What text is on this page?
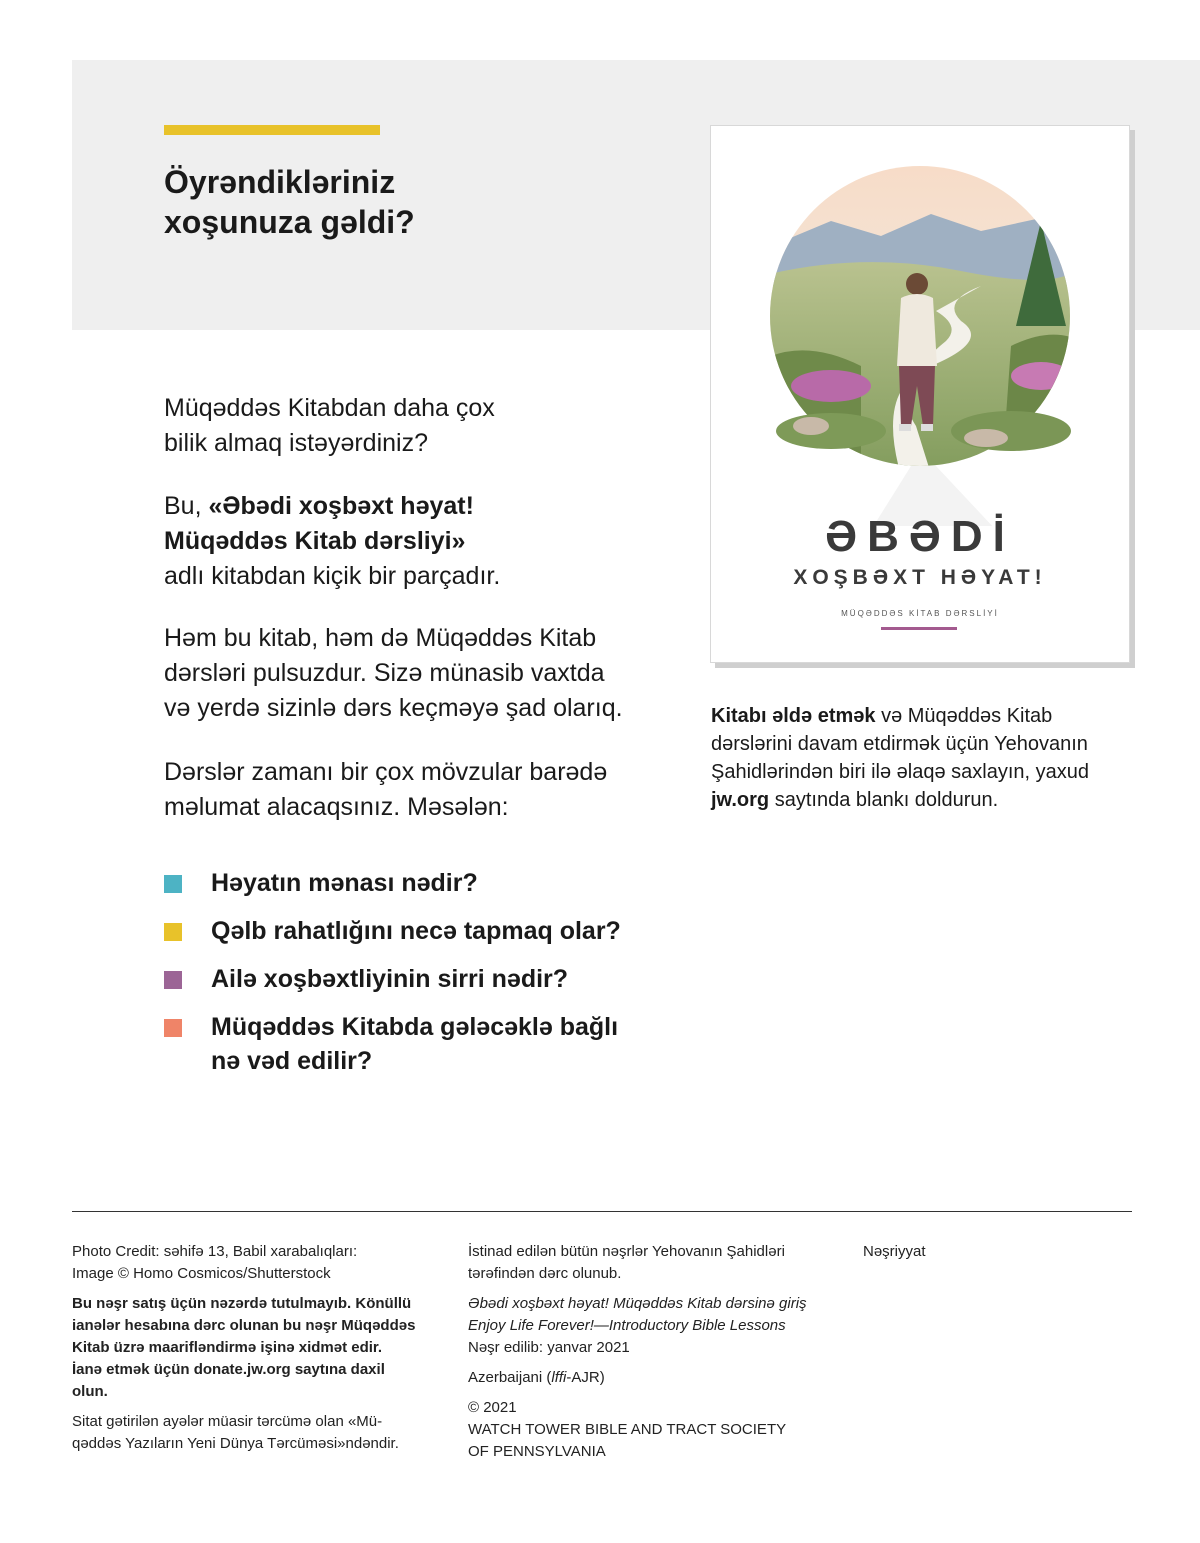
Öyrəndikləriniz
xoşunuza gəldi?
Müqəddəs Kitabdan daha çox
bilik almaq istəyərdiniz?
Bu, «Əbədi xoşbəxt həyat!
Müqəddəs Kitab dərsliyi»
adlı kitabdan kiçik bir parçadır.
Həm bu kitab, həm də Müqəddəs Kitab
dərsləri pulsuzdur. Sizə münasib vaxtda
və yerdə sizinlə dərs keçməyə şad olarıq.
Dərslər zamanı bir çox mövzular barədə
məlumat alacaqsınız. Məsələn:
Həyatın mənası nədir?
Qəlb rahatlığını necə tapmaq olar?
Ailə xoşbəxtliyinin sirri nədir?
Müqəddəs Kitabda gələcəklə bağlı
nə vəd edilir?
ƏBƏDİ
XOŞBƏXT HƏYAT!
MÜQƏDDƏS KİTAB DƏRSLİYİ
Kitabı əldə etmək və Müqəddəs Kitab dərslərini davam etdirmək üçün Yehovanın Şahidlərindən biri ilə əlaqə saxlayın, yaxud jw.org saytında blankı doldurun.
Photo Credit: səhifə 13, Babil xarabalıqları:
Image © Homo Cosmicos/Shutterstock
Bu nəşr satış üçün nəzərdə tutulmayıb. Könüllü
ianələr hesabına dərc olunan bu nəşr Müqəddəs
Kitab üzrə maarifləndirmə işinə xidmət edir.
İanə etmək üçün donate.jw.org saytına daxil
olun.
Sitat gətirilən ayələr müasir tərcümə olan «Mü-
qəddəs Yazıların Yeni Dünya Tərcüməsi»ndəndir.
İstinad edilən bütün nəşrlər Yehovanın Şahidləri
tərəfindən dərc olunub.
Əbədi xoşbəxt həyat! Müqəddəs Kitab dərsinə giriş
Enjoy Life Forever!—Introductory Bible Lessons
Nəşr edilib: yanvar 2021
Azerbaijani (lffi-AJR)
© 2021
WATCH TOWER BIBLE AND TRACT SOCIETY
OF PENNSYLVANIA
Nəşriyyat
